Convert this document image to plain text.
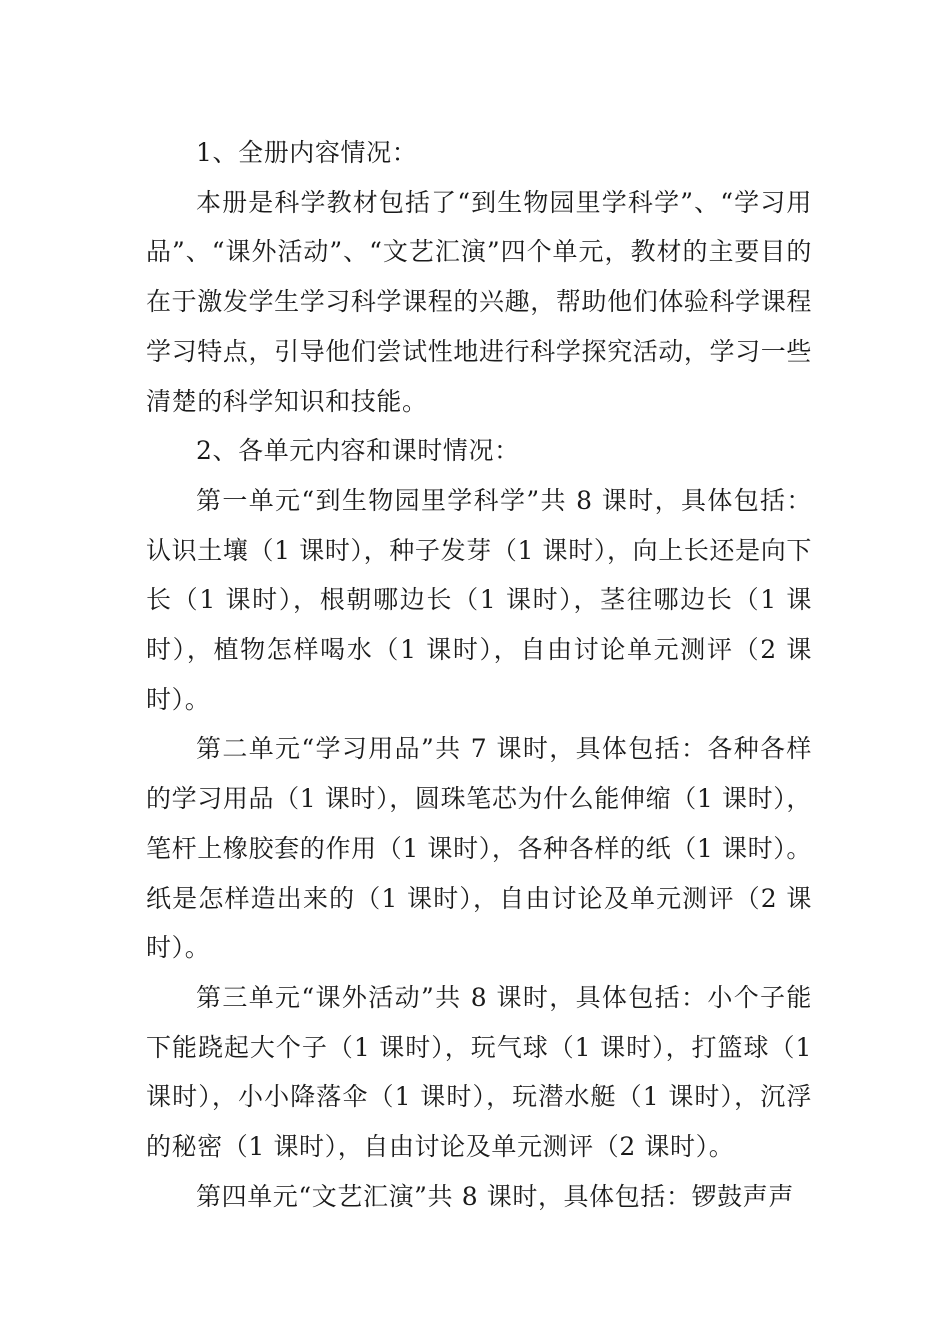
1、全册内容情况：

本册是科学教材包括了“到生物园里学科学”、“学习用品”、“课外活动”、“文艺汇演”四个单元，教材的主要目的在于激发学生学习科学课程的兴趣，帮助他们体验科学课程学习特点，引导他们尝试性地进行科学探究活动，学习一些清楚的科学知识和技能。

2、各单元内容和课时情况：

第一单元“到生物园里学科学”共 8 课时，具体包括：认识土壤（1 课时），种子发芽（1 课时），向上长还是向下长（1 课时），根朝哪边长（1 课时），茎往哪边长（1 课时），植物怎样喝水（1 课时），自由讨论单元测评（2 课时）。

第二单元“学习用品”共 7 课时，具体包括：各种各样的学习用品（1 课时），圆珠笔芯为什么能伸缩（1 课时），笔杆上橡胶套的作用（1 课时），各种各样的纸（1 课时）。纸是怎样造出来的（1 课时），自由讨论及单元测评（2 课时）。

第三单元“课外活动”共 8 课时，具体包括：小个子能下能跷起大个子（1 课时），玩气球（1 课时），打篮球（1 课时），小小降落伞（1 课时），玩潜水艇（1 课时），沉浮的秘密（1 课时），自由讨论及单元测评（2 课时）。

第四单元“文艺汇演”共 8 课时，具体包括：锣鼓声声
